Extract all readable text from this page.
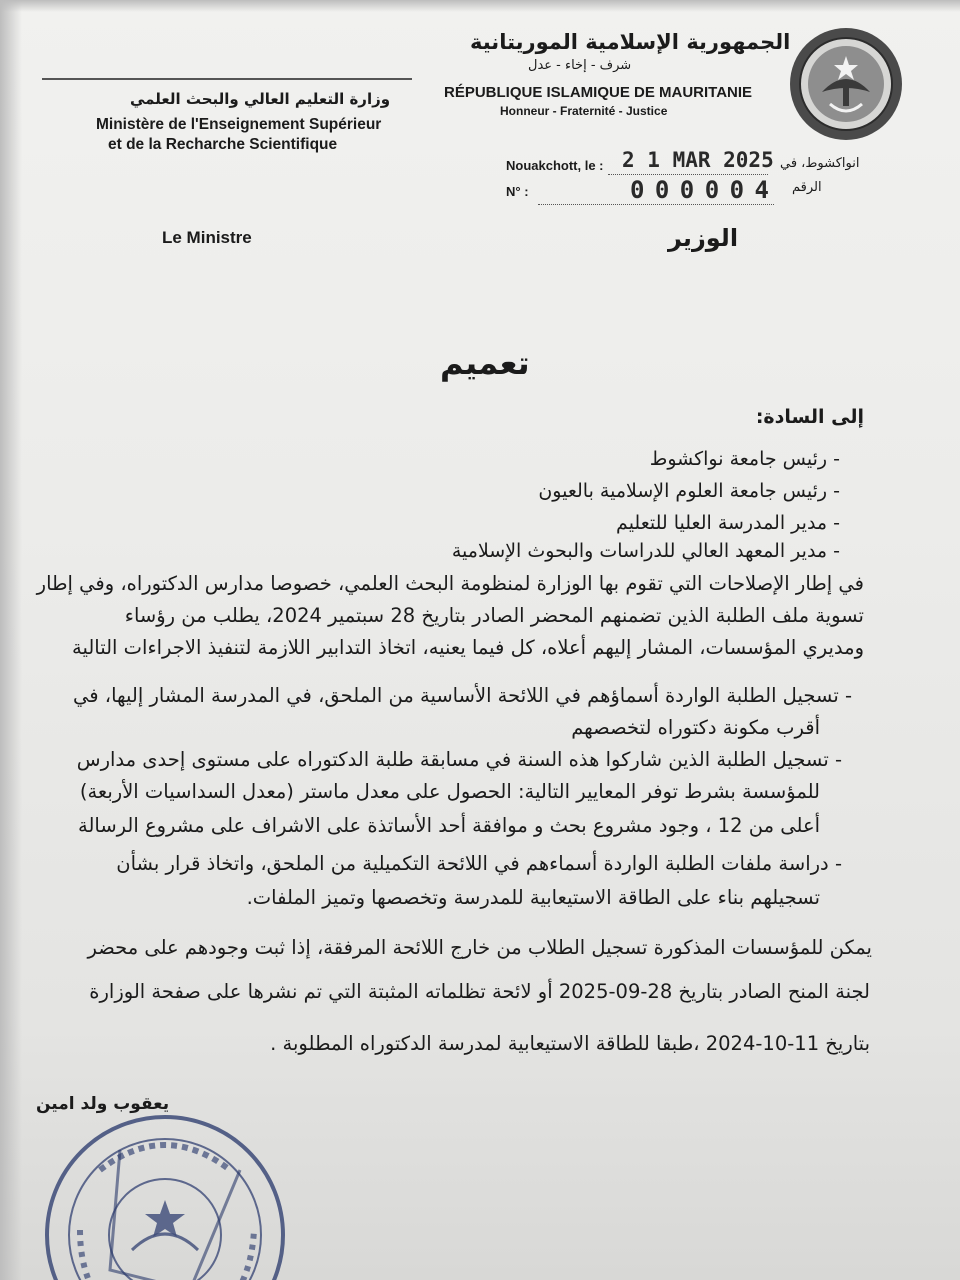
الجمهورية الإسلامية الموريتانية
شرف - إخاء - عدل
RÉPUBLIQUE ISLAMIQUE DE MAURITANIE
Honneur - Fraternité - Justice
وزارة التعليم العالي والبحث العلمي
Ministère de l'Enseignement Supérieur
et de la Recharche Scientifique
Nouakchott, le : 2 1 MAR 2025 انواكشوط، في
N° :	0 0 0 0 0 4 الرقم
Le Ministre	الوزير
تعميم
إلى السادة:
- رئيس جامعة نواكشوط
- رئيس جامعة العلوم الإسلامية بالعيون
- مدير المدرسة العليا للتعليم
- مدير المعهد العالي للدراسات والبحوث الإسلامية
في إطار الإصلاحات التي تقوم بها الوزارة لمنظومة البحث العلمي، خصوصا مدارس الدكتوراه، وفي إطار
تسوية ملف الطلبة الذين تضمنهم المحضر الصادر بتاريخ 28 سبتمير 2024، يطلب من رؤساء
ومديري المؤسسات، المشار إليهم أعلاه، كل فيما يعنيه، اتخاذ التدابير اللازمة لتنفيذ الاجراءات التالية
- تسجيل الطلبة الواردة أسماؤهم في اللائحة الأساسية من الملحق، في المدرسة المشار إليها، في
أقرب مكونة دكتوراه لتخصصهم
- تسجيل الطلبة الذين شاركوا هذه السنة في مسابقة طلبة الدكتوراه على مستوى إحدى مدارس
للمؤسسة بشرط توفر المعايير التالية: الحصول على معدل ماستر (معدل السداسيات الأربعة)
أعلى من 12 ، وجود مشروع بحث و موافقة أحد الأساتذة على الاشراف على مشروع الرسالة
- دراسة ملفات الطلبة الواردة أسماءهم في اللائحة التكميلية من الملحق، واتخاذ قرار بشأن
تسجيلهم بناء على الطاقة الاستيعابية للمدرسة وتخصصها وتميز الملفات.
يمكن للمؤسسات المذكورة تسجيل الطلاب من خارج اللائحة المرفقة، إذا ثبت وجودهم على محضر
لجنة المنح الصادر بتاريخ 28-09-2025 أو لائحة تظلماته المثبتة التي تم نشرها على صفحة الوزارة
بتاريخ 11-10-2024 ،طبقا للطاقة الاستيعابية لمدرسة الدكتوراه المطلوبة .
يعقوب ولد امين
